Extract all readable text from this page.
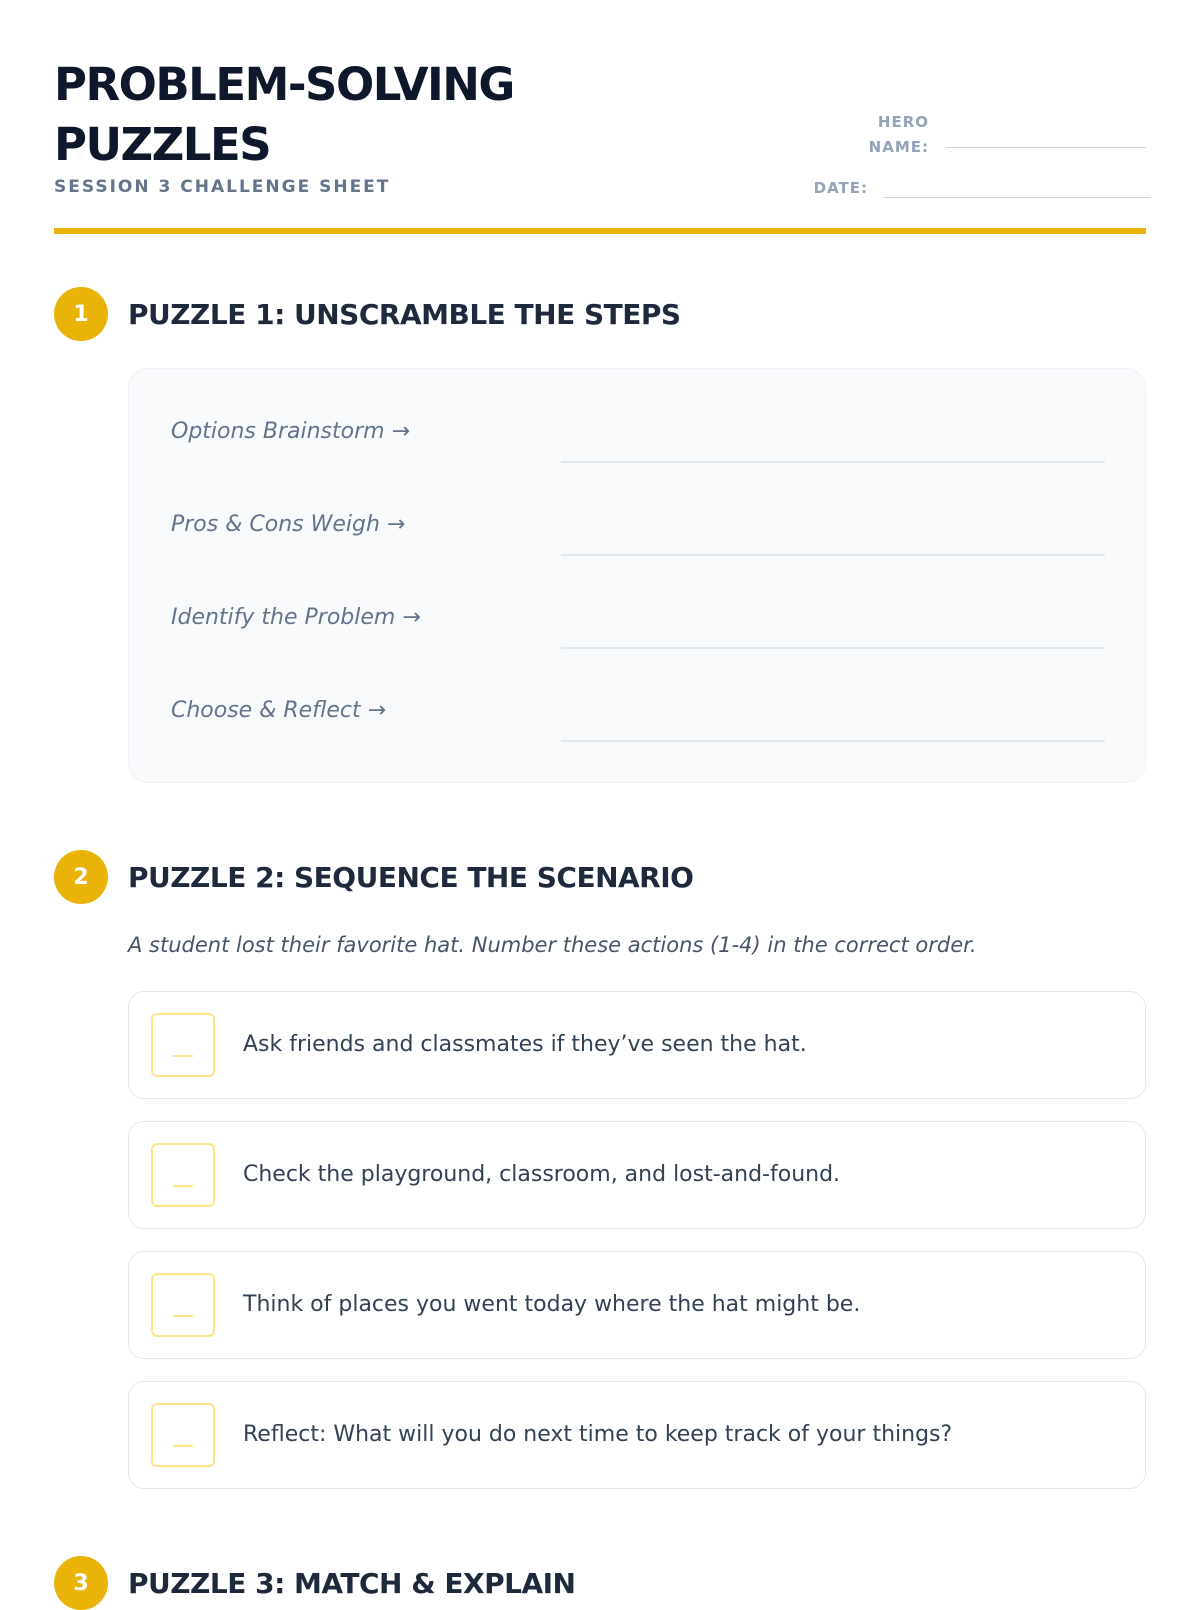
PROBLEM-SOLVING
PUZZLES
SESSION 3 CHALLENGE SHEET
HERO
NAME:
DATE:
1	PUZZLE 1: UNSCRAMBLE THE STEPS
Options Brainstorm →
Pros & Cons Weigh →
Identify the Problem →
Choose & Reflect →
2	PUZZLE 2: SEQUENCE THE SCENARIO
A student lost their favorite hat. Number these actions (1-4) in the correct order.
Ask friends and classmates if they’ve seen the hat.
Check the playground, classroom, and lost-and-found.
Think of places you went today where the hat might be.
Reflect: What will you do next time to keep track of your things?
3	PUZZLE 3: MATCH & EXPLAIN
